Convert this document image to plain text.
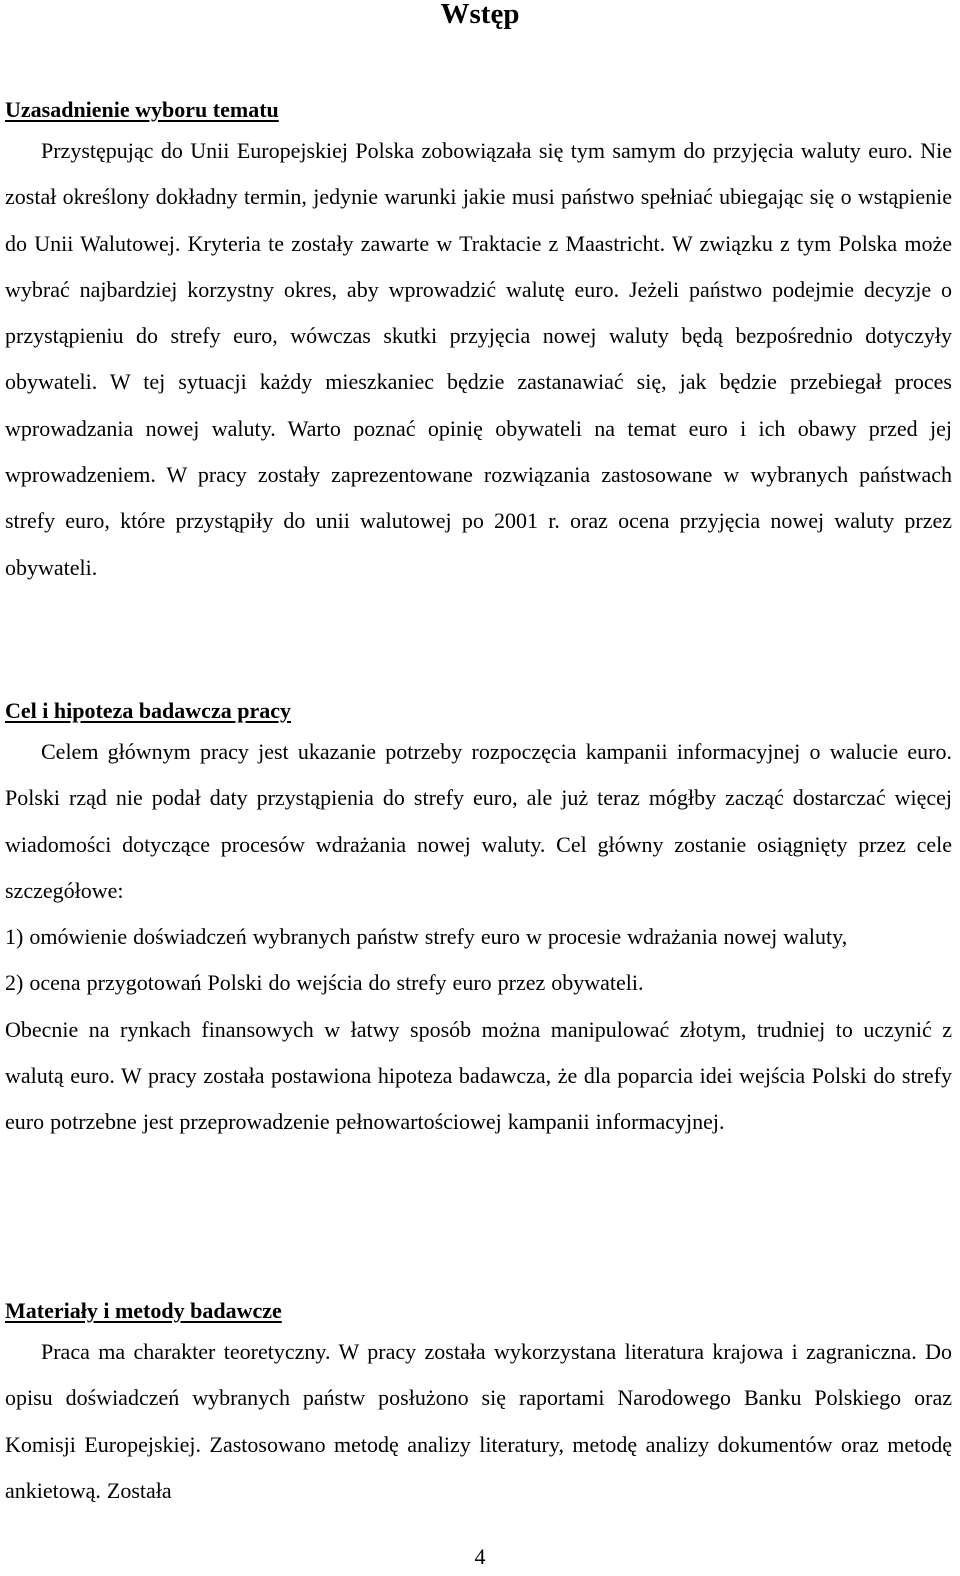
Wstęp
Uzasadnienie wyboru tematu

Przystępując do Unii Europejskiej Polska zobowiązała się tym samym do przyjęcia waluty euro. Nie został określony dokładny termin, jedynie warunki jakie musi państwo spełniać ubiegając się o wstąpienie do Unii Walutowej. Kryteria te zostały zawarte w Traktacie z Maastricht. W związku z tym Polska może wybrać najbardziej korzystny okres, aby wprowadzić walutę euro. Jeżeli państwo podejmie decyzje o przystąpieniu do strefy euro, wówczas skutki przyjęcia nowej waluty będą bezpośrednio dotyczyły obywateli. W tej sytuacji każdy mieszkaniec będzie zastanawiać się, jak będzie przebiegał proces wprowadzania nowej waluty. Warto poznać opinię obywateli na temat euro i ich obawy przed jej wprowadzeniem. W pracy zostały zaprezentowane rozwiązania zastosowane w wybranych państwach strefy euro, które przystąpiły do unii walutowej po 2001 r. oraz ocena przyjęcia nowej waluty przez obywateli.

Cel i hipoteza badawcza pracy

Celem głównym pracy jest ukazanie potrzeby rozpoczęcia kampanii informacyjnej o walucie euro. Polski rząd nie podał daty przystąpienia do strefy euro, ale już teraz mógłby zacząć dostarczać więcej wiadomości dotyczące procesów wdrażania nowej waluty. Cel główny zostanie osiągnięty przez cele szczegółowe:

1) omówienie doświadczeń wybranych państw strefy euro w procesie wdrażania nowej waluty,

2) ocena przygotowań Polski do wejścia do strefy euro przez obywateli.

Obecnie na rynkach finansowych w łatwy sposób można manipulować złotym, trudniej to uczynić z walutą euro. W pracy została postawiona hipoteza badawcza, że dla poparcia idei wejścia Polski do strefy euro potrzebne jest przeprowadzenie pełnowartościowej kampanii informacyjnej.

Materiały i metody badawcze

Praca ma charakter teoretyczny. W pracy została wykorzystana literatura krajowa i zagraniczna. Do opisu doświadczeń wybranych państw posłużono się raportami Narodowego Banku Polskiego oraz Komisji Europejskiej. Zastosowano metodę analizy literatury, metodę analizy dokumentów oraz metodę ankietową. Została

4
